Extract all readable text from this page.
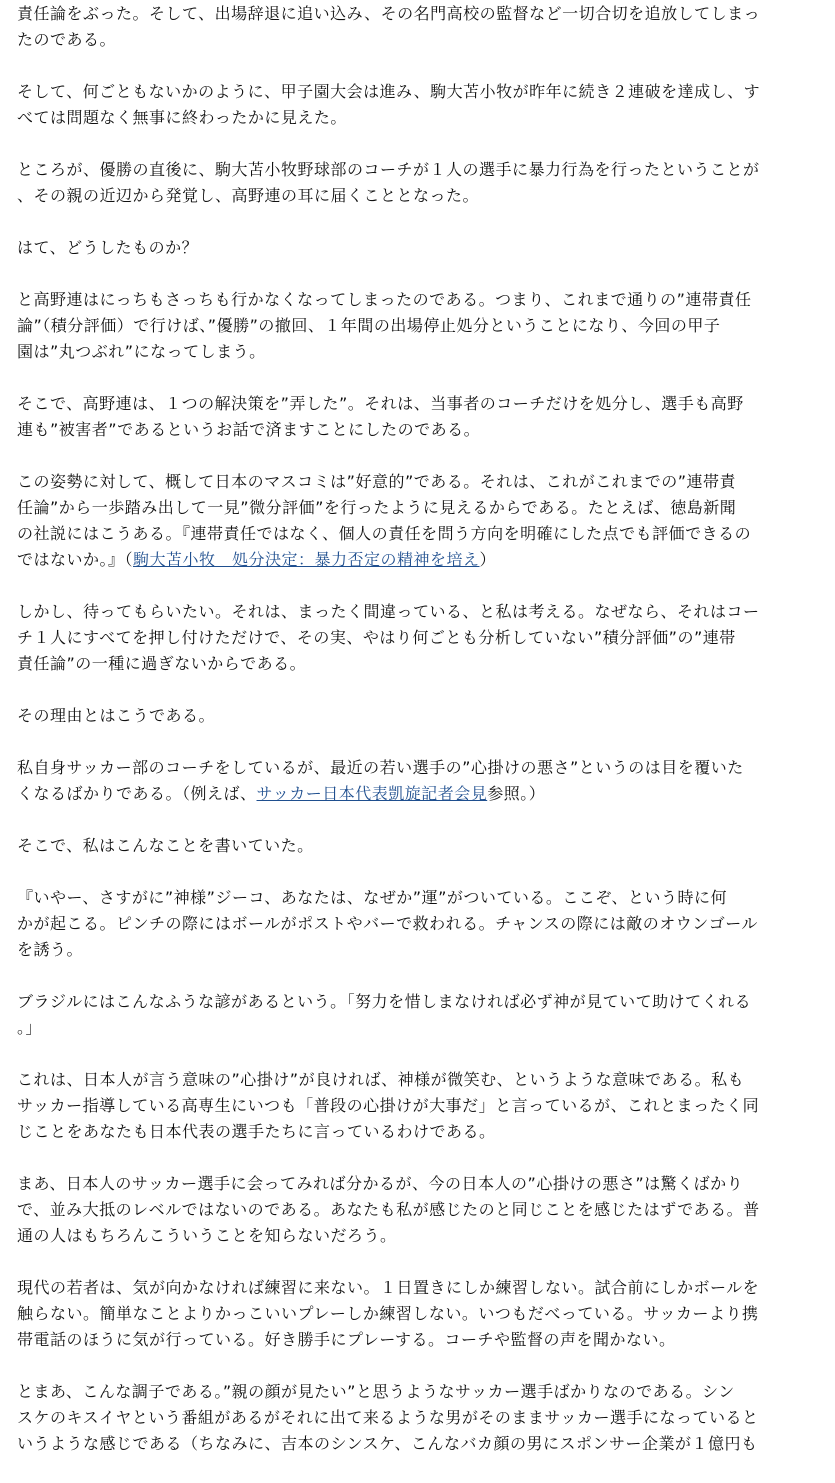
責任論をぶった。そして、出場辞退に追い込み、その名門高校の監督など一切合切を追放してしまっ
たのである。

そして、何ごともないかのように、甲子園大会は進み、駒大苫小牧が昨年に続き２連破を達成し、す
べては問題なく無事に終わったかに見えた。

ところが、優勝の直後に、駒大苫小牧野球部のコーチが１人の選手に暴力行為を行ったということが
、その親の近辺から発覚し、高野連の耳に届くこととなった。

はて、どうしたものか？

と高野連はにっちもさっちも行かなくなってしまったのである。つまり、これまで通りの”連帯責任
論”（積分評価）で行けば、”優勝”の撤回、１年間の出場停止処分ということになり、今回の甲子
園は”丸つぶれ”になってしまう。

そこで、高野連は、１つの解決策を”弄した”。それは、当事者のコーチだけを処分し、選手も高野
連も”被害者”であるというお話で済ますことにしたのである。

この姿勢に対して、概して日本のマスコミは”好意的”である。それは、これがこれまでの”連帯責
任論”から一歩踏み出して一見”微分評価”を行ったように見えるからである。たとえば、徳島新聞
の社説にはこうある。『連帯責任ではなく、個人の責任を問う方向を明確にした点でも評価できるの
ではないか。』（駒大苫小牧　処分決定：暴力否定の精神を培え）

しかし、待ってもらいたい。それは、まったく間違っている、と私は考える。なぜなら、それはコー
チ１人にすべてを押し付けただけで、その実、やはり何ごとも分析していない”積分評価”の”連帯
責任論”の一種に過ぎないからである。

その理由とはこうである。

私自身サッカー部のコーチをしているが、最近の若い選手の”心掛けの悪さ”というのは目を覆いた
くなるばかりである。（例えば、サッカー日本代表凱旋記者会見参照。）

そこで、私はこんなことを書いていた。

『いやー、さすがに”神様”ジーコ、あなたは、なぜか”運”がついている。ここぞ、という時に何
かが起こる。ピンチの際にはボールがポストやバーで救われる。チャンスの際には敵のオウンゴール
を誘う。

ブラジルにはこんなふうな諺があるという。「努力を惜しまなければ必ず神が見ていて助けてくれる
。」

これは、日本人が言う意味の”心掛け”が良ければ、神様が微笑む、というような意味である。私も
サッカー指導している高専生にいつも「普段の心掛けが大事だ」と言っているが、これとまったく同
じことをあなたも日本代表の選手たちに言っているわけである。

まあ、日本人のサッカー選手に会ってみれば分かるが、今の日本人の”心掛けの悪さ”は驚くばかり
で、並み大抵のレベルではないのである。あなたも私が感じたのと同じことを感じたはずである。普
通の人はもちろんこういうことを知らないだろう。

現代の若者は、気が向かなければ練習に来ない。１日置きにしか練習しない。試合前にしかボールを
触らない。簡単なことよりかっこいいプレーしか練習しない。いつもだべっている。サッカーより携
帯電話のほうに気が行っている。好き勝手にプレーする。コーチや監督の声を聞かない。

とまあ、こんな調子である。”親の顔が見たい”と思うようなサッカー選手ばかりなのである。シン
スケのキスイヤという番組があるがそれに出て来るような男がそのままサッカー選手になっていると
いうような感じである（ちなみに、吉本のシンスケ、こんなバカ顔の男にスポンサー企業が１億円も
